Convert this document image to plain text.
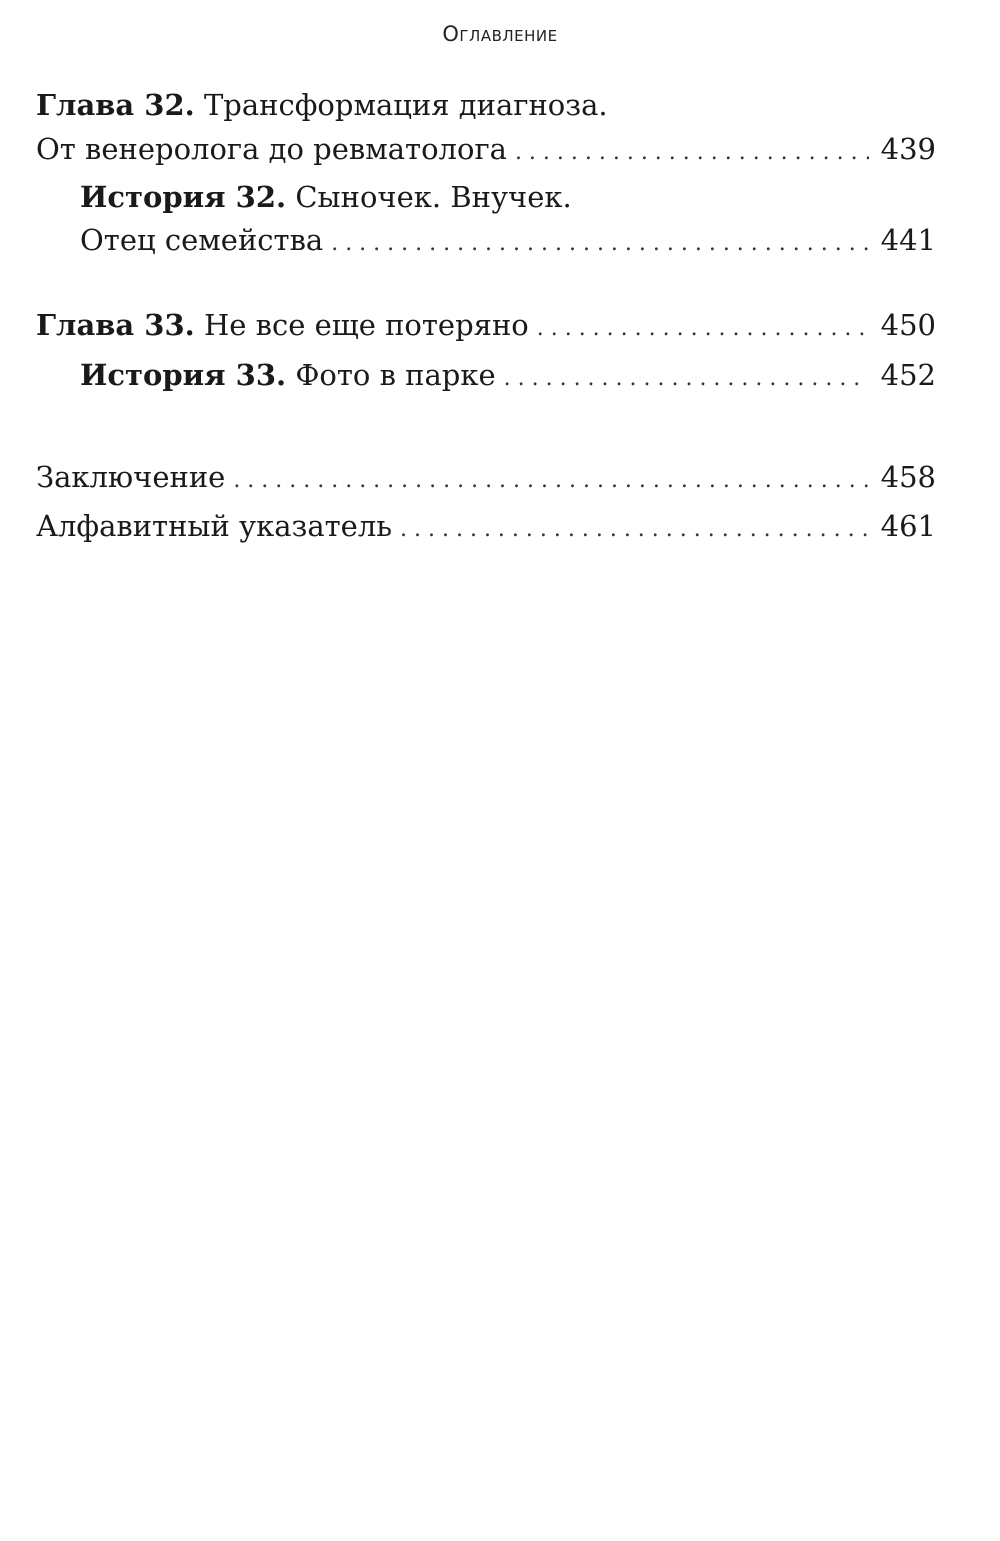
Оглавление
Глава 32. Трансформация диагноза.
От венеролога до ревматолога . . .	439
История 32. Сыночек. Внучек.
Отец семейства . . .	441
Глава 33. Не все еще потеряно . . .	450
История 33. Фото в парке . . .	452
Заключение . . .	458
Алфавитный указатель . . .	461
